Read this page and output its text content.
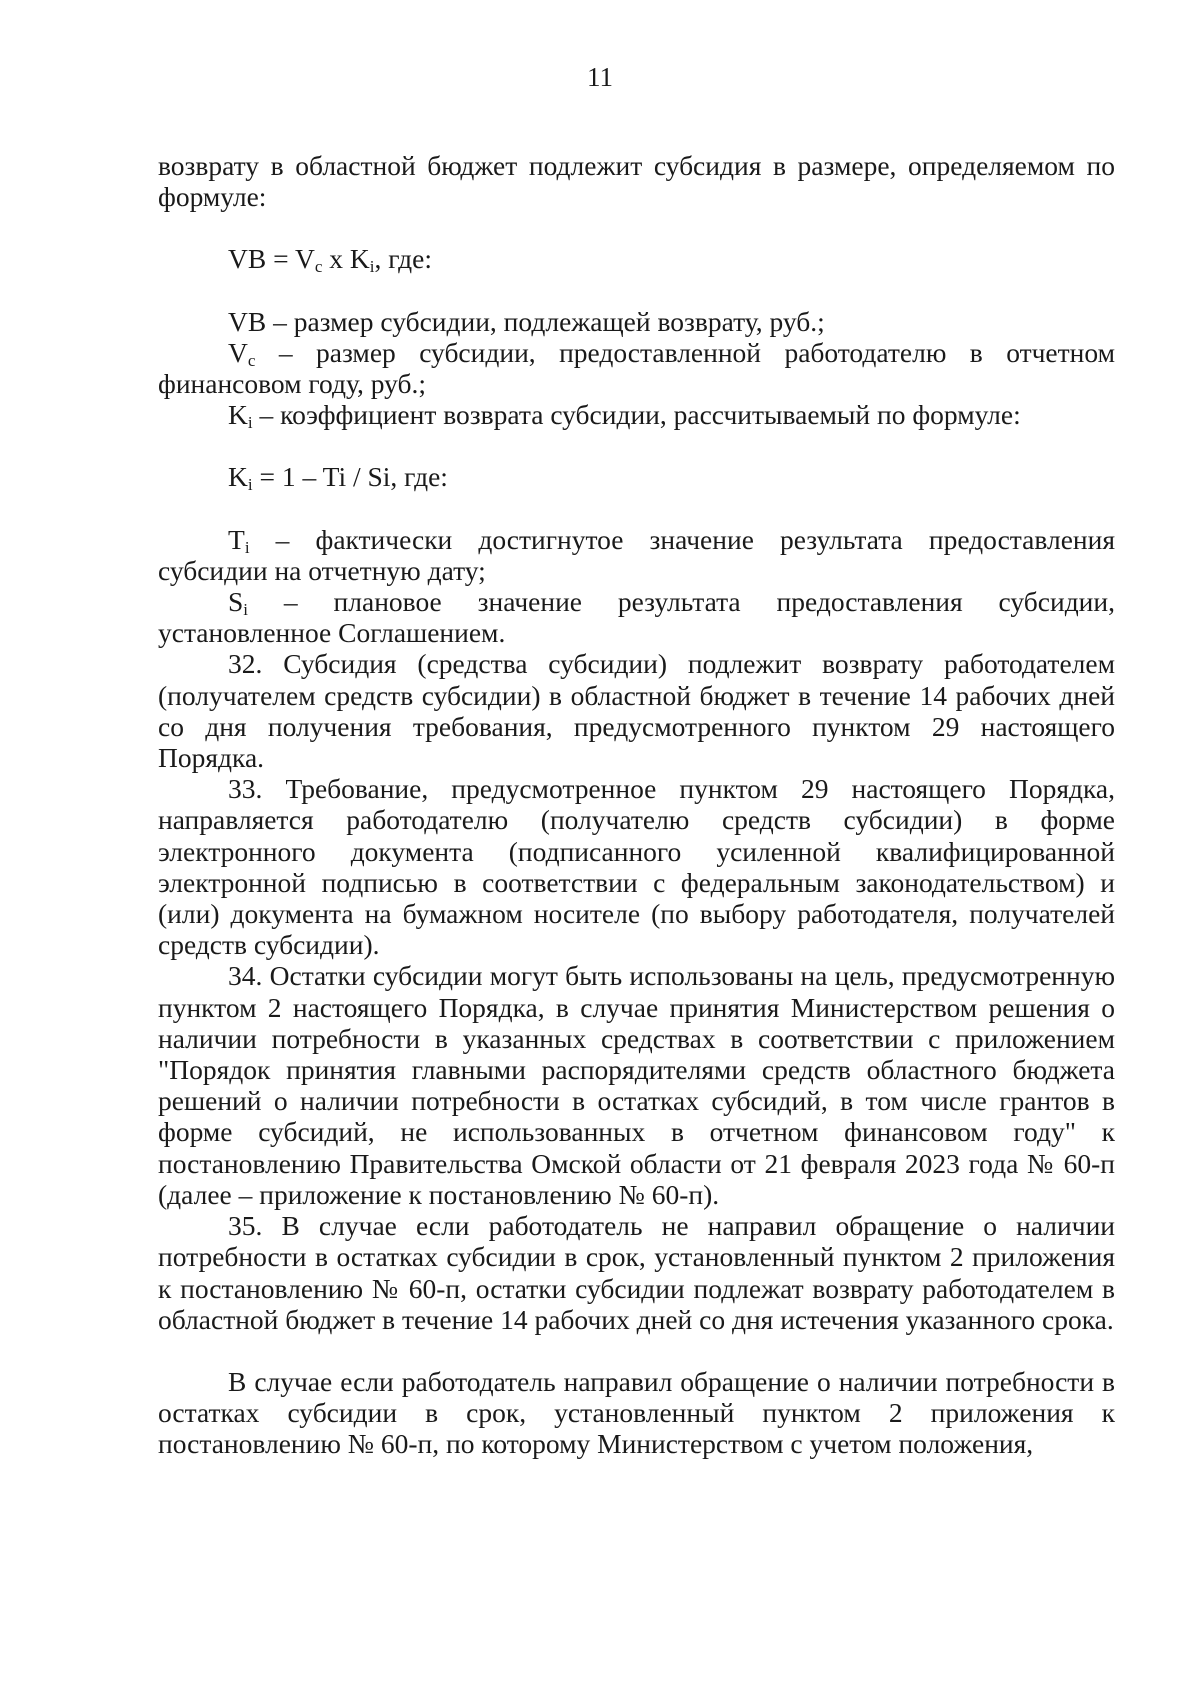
11

возврату в областной бюджет подлежит субсидия в размере, определяемом по формуле:

VB = $V_c$ x $K_i$, где:

VB – размер субсидии, подлежащей возврату, руб.;

$V_c$ – размер субсидии, предоставленной работодателю в отчетном финансовом году, руб.;

$K_i$ – коэффициент возврата субсидии, рассчитываемый по формуле:

$K_i = 1 - Ti / Si$, где:

$T_i$ – фактически достигнутое значение результата предоставления субсидии на отчетную дату;

$S_i$ – плановое значение результата предоставления субсидии, установленное Соглашением.

32. Субсидия (средства субсидии) подлежит возврату работодателем (получателем средств субсидии) в областной бюджет в течение 14 рабочих дней со дня получения требования, предусмотренного пунктом 29 настоящего Порядка.

33. Требование, предусмотренное пунктом 29 настоящего Порядка, направляется работодателю (получателю средств субсидии) в форме электронного документа (подписанного усиленной квалифицированной электронной подписью в соответствии с федеральным законодательством) и (или) документа на бумажном носителе (по выбору работодателя, получателей средств субсидии).

34. Остатки субсидии могут быть использованы на цель, предусмотренную пунктом 2 настоящего Порядка, в случае принятия Министерством решения о наличии потребности в указанных средствах в соответствии с приложением "Порядок принятия главными распорядителями средств областного бюджета решений о наличии потребности в остатках субсидий, в том числе грантов в форме субсидий, не использованных в отчетном финансовом году" к постановлению Правительства Омской области от 21 февраля 2023 года № 60-п (далее – приложение к постановлению № 60-п).

35. В случае если работодатель не направил обращение о наличии потребности в остатках субсидии в срок, установленный пунктом 2 приложения к постановлению № 60-п, остатки субсидии подлежат возврату работодателем в областной бюджет в течение 14 рабочих дней со дня истечения указанного срока.

В случае если работодатель направил обращение о наличии потребности в остатках субсидии в срок, установленный пунктом 2 приложения к постановлению № 60-п, по которому Министерством с учетом положения,
